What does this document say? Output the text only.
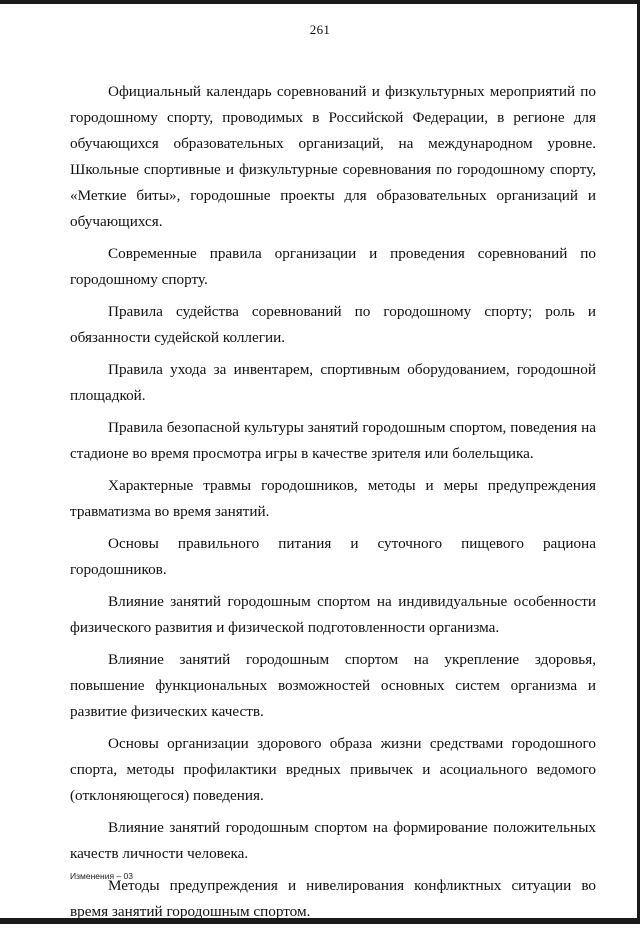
261

Официальный календарь соревнований и физкультурных мероприятий по городошному спорту, проводимых в Российской Федерации, в регионе для обучающихся образовательных организаций, на международном уровне. Школьные спортивные и физкультурные соревнования по городошному спорту, «Меткие биты», городошные проекты для образовательных организаций и обучающихся.

Современные правила организации и проведения соревнований по городошному спорту.

Правила судейства соревнований по городошному спорту; роль и обязанности судейской коллегии.

Правила ухода за инвентарем, спортивным оборудованием, городошной площадкой.

Правила безопасной культуры занятий городошным спортом, поведения на стадионе во время просмотра игры в качестве зрителя или болельщика.

Характерные травмы городошников, методы и меры предупреждения травматизма во время занятий.

Основы правильного питания и суточного пищевого рациона городошников.

Влияние занятий городошным спортом на индивидуальные особенности физического развития и физической подготовленности организма.

Влияние занятий городошным спортом на укрепление здоровья, повышение функциональных возможностей основных систем организма и развитие физических качеств.

Основы организации здорового образа жизни средствами городошного спорта, методы профилактики вредных привычек и асоциального ведомого (отклоняющегося) поведения.

Влияние занятий городошным спортом на формирование положительных качеств личности человека.

Методы предупреждения и нивелирования конфликтных ситуации во время занятий городошным спортом.

Изменения – 03
